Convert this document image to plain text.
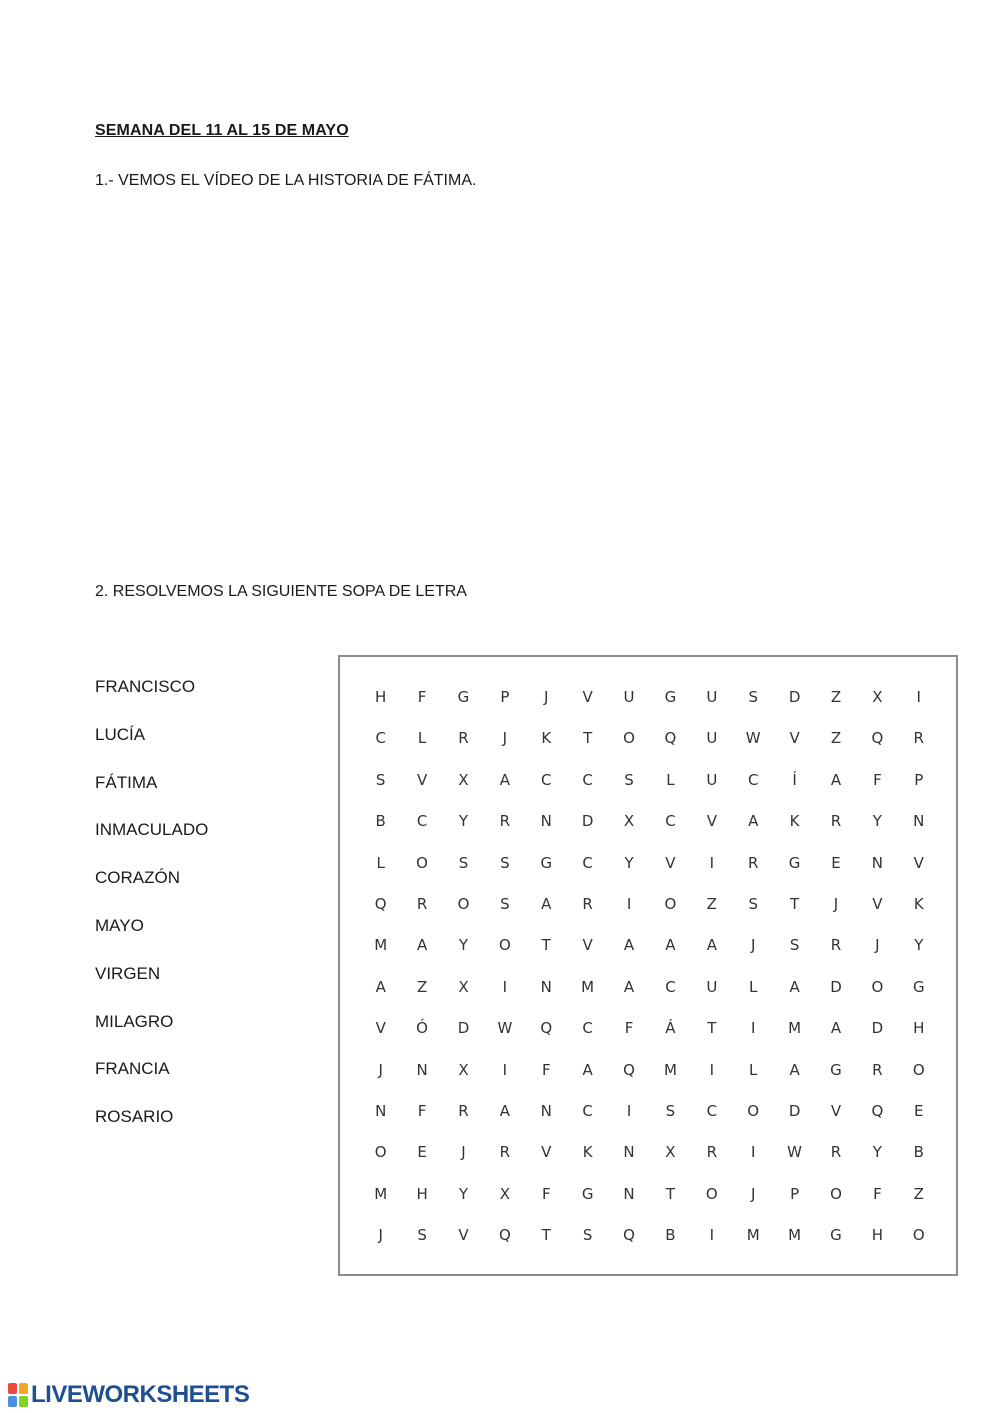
SEMANA DEL 11 AL 15 DE MAYO
1.- VEMOS EL VÍDEO DE LA HISTORIA DE FÁTIMA.
2. RESOLVEMOS LA SIGUIENTE SOPA DE LETRA
FRANCISCO
LUCÍA
FÁTIMA
INMACULADO
CORAZÓN
MAYO
VIRGEN
MILAGRO
FRANCIA
ROSARIO
H	F	G	P	J	V	U	G	U	S	D	Z	X	I
C	L	R	J	K	T	O	Q	U	W	V	Z	Q	R
S	V	X	A	C	C	S	L	U	C	Í	A	F	P
B	C	Y	R	N	D	X	C	V	A	K	R	Y	N
L	O	S	S	G	C	Y	V	I	R	G	E	N	V
Q	R	O	S	A	R	I	O	Z	S	T	J	V	K
M	A	Y	O	T	V	A	A	A	J	S	R	J	Y
A	Z	X	I	N	M	A	C	U	L	A	D	O	G
V	Ó	D	W	Q	C	F	Á	T	I	M	A	D	H
J	N	X	I	F	A	Q	M	I	L	A	G	R	O
N	F	R	A	N	C	I	S	C	O	D	V	Q	E
O	E	J	R	V	K	N	X	R	I	W	R	Y	B
M	H	Y	X	F	G	N	T	O	J	P	O	F	Z
J	S	V	Q	T	S	Q	B	I	M	M	G	H	O
LIVEWORKSHEETS
